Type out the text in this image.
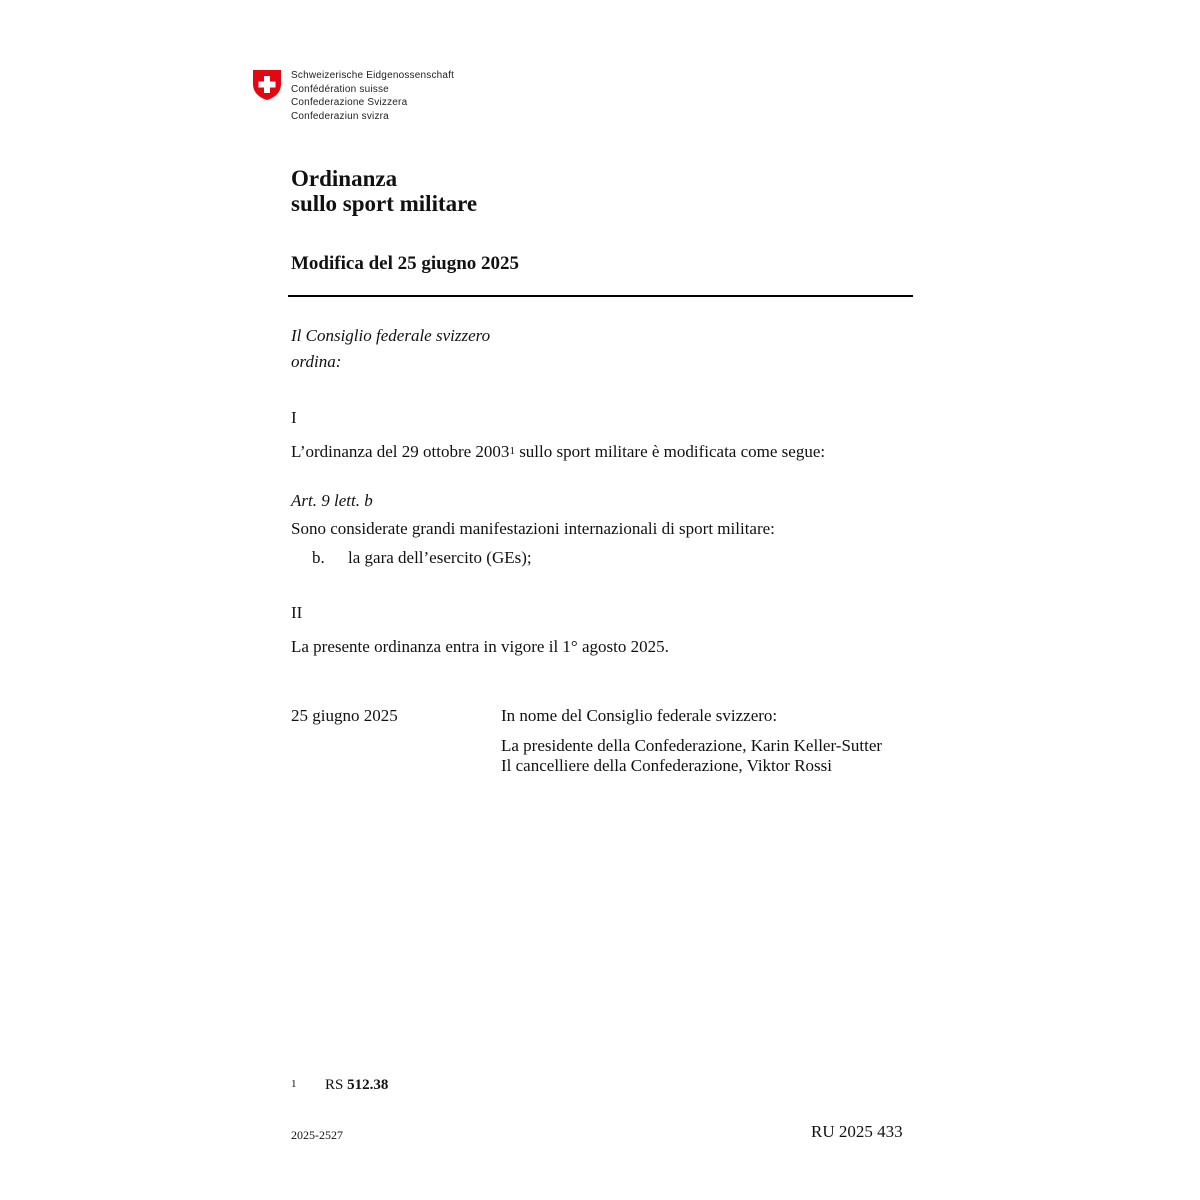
Schweizerische Eidgenossenschaft
Confédération suisse
Confederazione Svizzera
Confederaziun svizra
Ordinanza
sullo sport militare
Modifica del 25 giugno 2025
Il Consiglio federale svizzero
ordina:
I
L’ordinanza del 29 ottobre 2003$^1$ sullo sport militare è modificata come segue:
Art. 9 lett. b
Sono considerate grandi manifestazioni internazionali di sport militare:
b. la gara dell’esercito (GEs);
II
La presente ordinanza entra in vigore il 1° agosto 2025.
25 giugno 2025	In nome del Consiglio federale svizzero:
La presidente della Confederazione, Karin Keller-Sutter
Il cancelliere della Confederazione, Viktor Rossi
1 RS 512.38
2025-2527	RU 2025 433
